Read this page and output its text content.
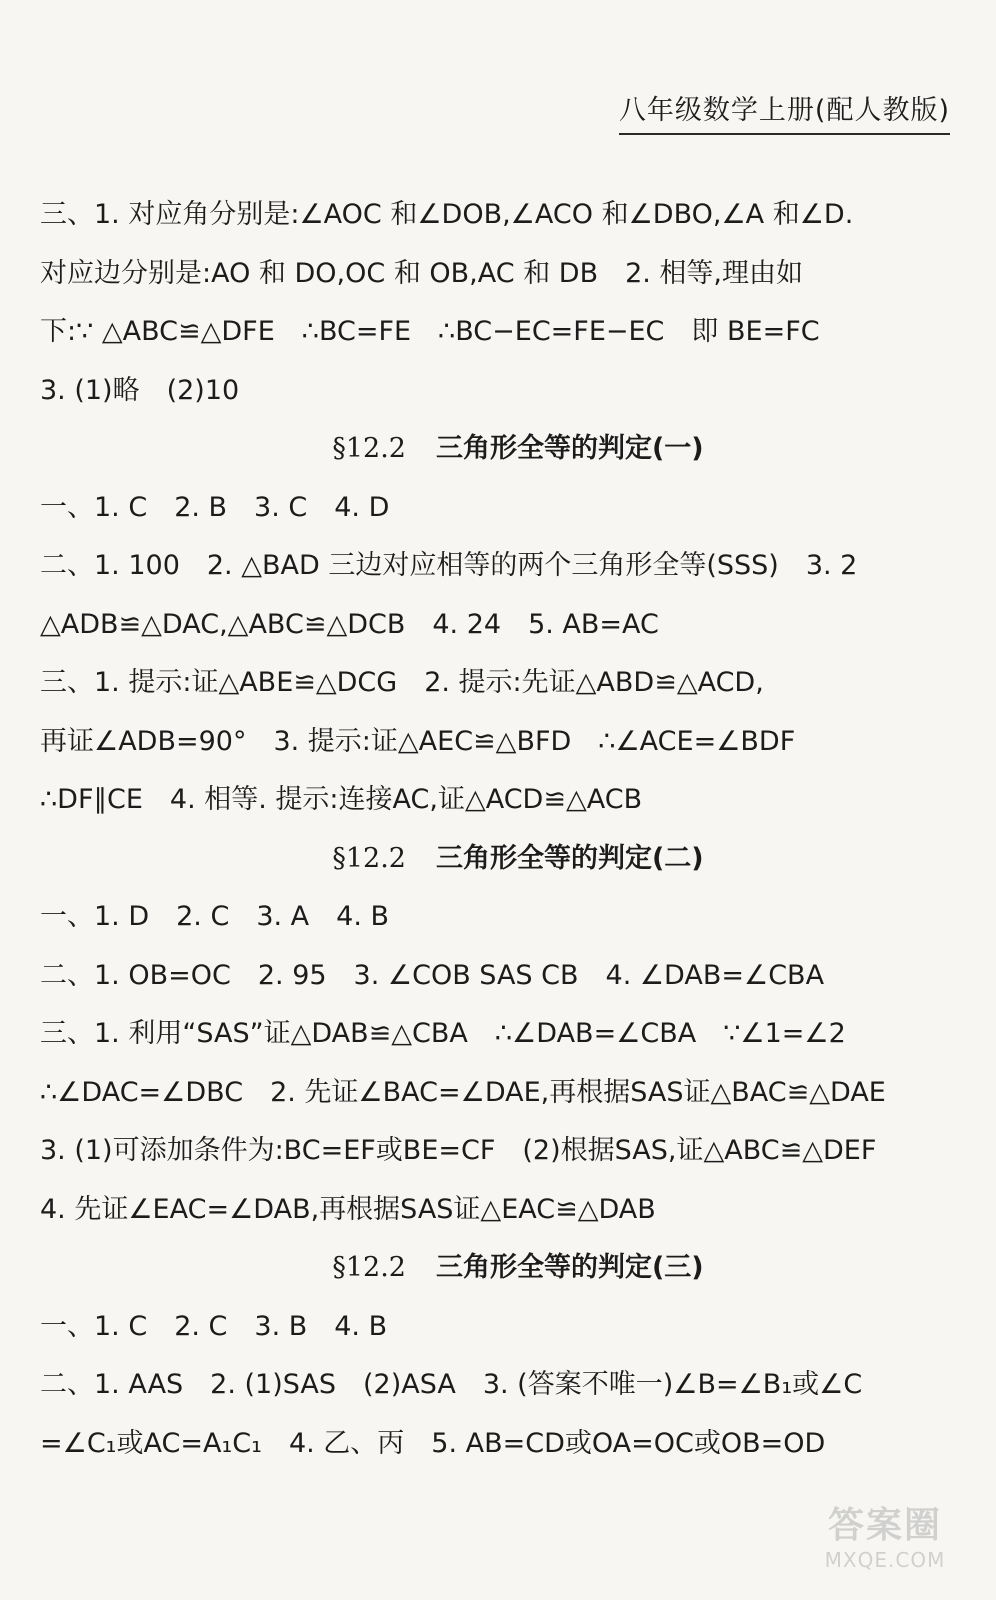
八年级数学上册(配人教版)
三、1. 对应角分别是:∠AOC 和∠DOB,∠ACO 和∠DBO,∠A 和∠D.
对应边分别是:AO 和 DO,OC 和 OB,AC 和 DB　2. 相等,理由如
下:∵ △ABC≌△DFE　∴BC=FE　∴BC−EC=FE−EC　即 BE=FC
3. (1)略　(2)10
§12.2 三角形全等的判定(一)
一、1. C　2. B　3. C　4. D
二、1. 100　2. △BAD 三边对应相等的两个三角形全等(SSS)　3. 2
△ADB≌△DAC,△ABC≌△DCB　4. 24　5. AB=AC
三、1. 提示:证△ABE≌△DCG　2. 提示:先证△ABD≌△ACD,
再证∠ADB=90°　3. 提示:证△AEC≌△BFD　∴∠ACE=∠BDF
∴DF∥CE　4. 相等. 提示:连接AC,证△ACD≌△ACB
§12.2 三角形全等的判定(二)
一、1. D　2. C　3. A　4. B
二、1. OB=OC　2. 95　3. ∠COB SAS CB　4. ∠DAB=∠CBA
三、1. 利用“SAS”证△DAB≌△CBA　∴∠DAB=∠CBA　∵∠1=∠2
∴∠DAC=∠DBC　2. 先证∠BAC=∠DAE,再根据SAS证△BAC≌△DAE
3. (1)可添加条件为:BC=EF或BE=CF　(2)根据SAS,证△ABC≌△DEF
4. 先证∠EAC=∠DAB,再根据SAS证△EAC≌△DAB
§12.2 三角形全等的判定(三)
一、1. C　2. C　3. B　4. B
二、1. AAS　2. (1)SAS　(2)ASA　3. (答案不唯一)∠B=∠B₁或∠C
=∠C₁或AC=A₁C₁　4. 乙、丙　5. AB=CD或OA=OC或OB=OD
答案圈
MXQE.COM
